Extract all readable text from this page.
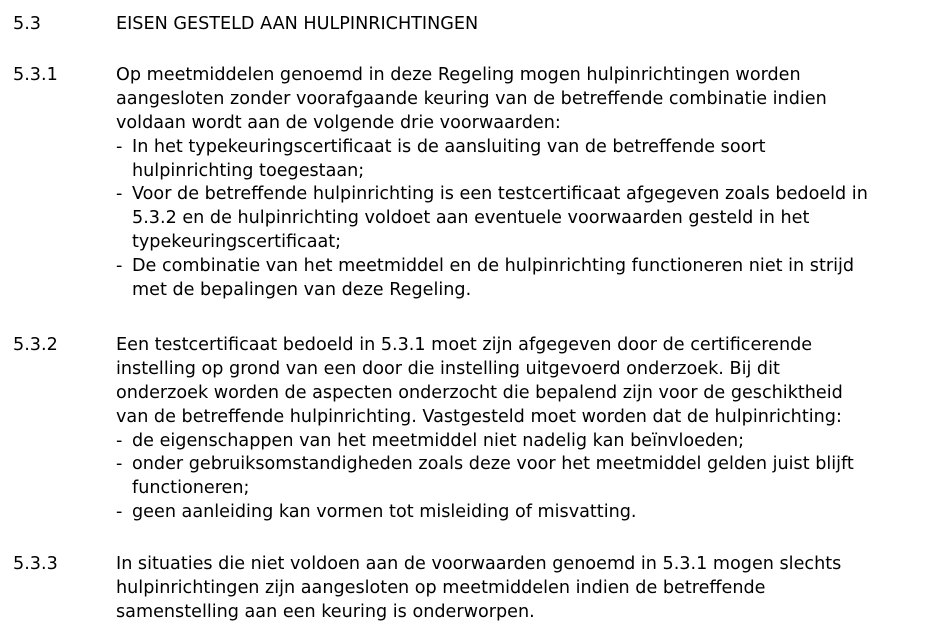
5.3	EISEN GESTELD AAN HULPINRICHTINGEN
5.3.1	Op meetmiddelen genoemd in deze Regeling mogen hulpinrichtingen worden
aangesloten zonder voorafgaande keuring van de betreffende combinatie indien
voldaan wordt aan de volgende drie voorwaarden:
- In het typekeuringscertificaat is de aansluiting van de betreffende soort
hulpinrichting toegestaan;
- Voor de betreffende hulpinrichting is een testcertificaat afgegeven zoals bedoeld in
5.3.2 en de hulpinrichting voldoet aan eventuele voorwaarden gesteld in het
typekeuringscertificaat;
- De combinatie van het meetmiddel en de hulpinrichting functioneren niet in strijd
met de bepalingen van deze Regeling.
5.3.2	Een testcertificaat bedoeld in 5.3.1 moet zijn afgegeven door de certificerende
instelling op grond van een door die instelling uitgevoerd onderzoek. Bij dit
onderzoek worden de aspecten onderzocht die bepalend zijn voor de geschiktheid
van de betreffende hulpinrichting. Vastgesteld moet worden dat de hulpinrichting:
- de eigenschappen van het meetmiddel niet nadelig kan beïnvloeden;
- onder gebruiksomstandigheden zoals deze voor het meetmiddel gelden juist blijft
functioneren;
- geen aanleiding kan vormen tot misleiding of misvatting.
5.3.3	In situaties die niet voldoen aan de voorwaarden genoemd in 5.3.1 mogen slechts
hulpinrichtingen zijn aangesloten op meetmiddelen indien de betreffende
samenstelling aan een keuring is onderworpen.
